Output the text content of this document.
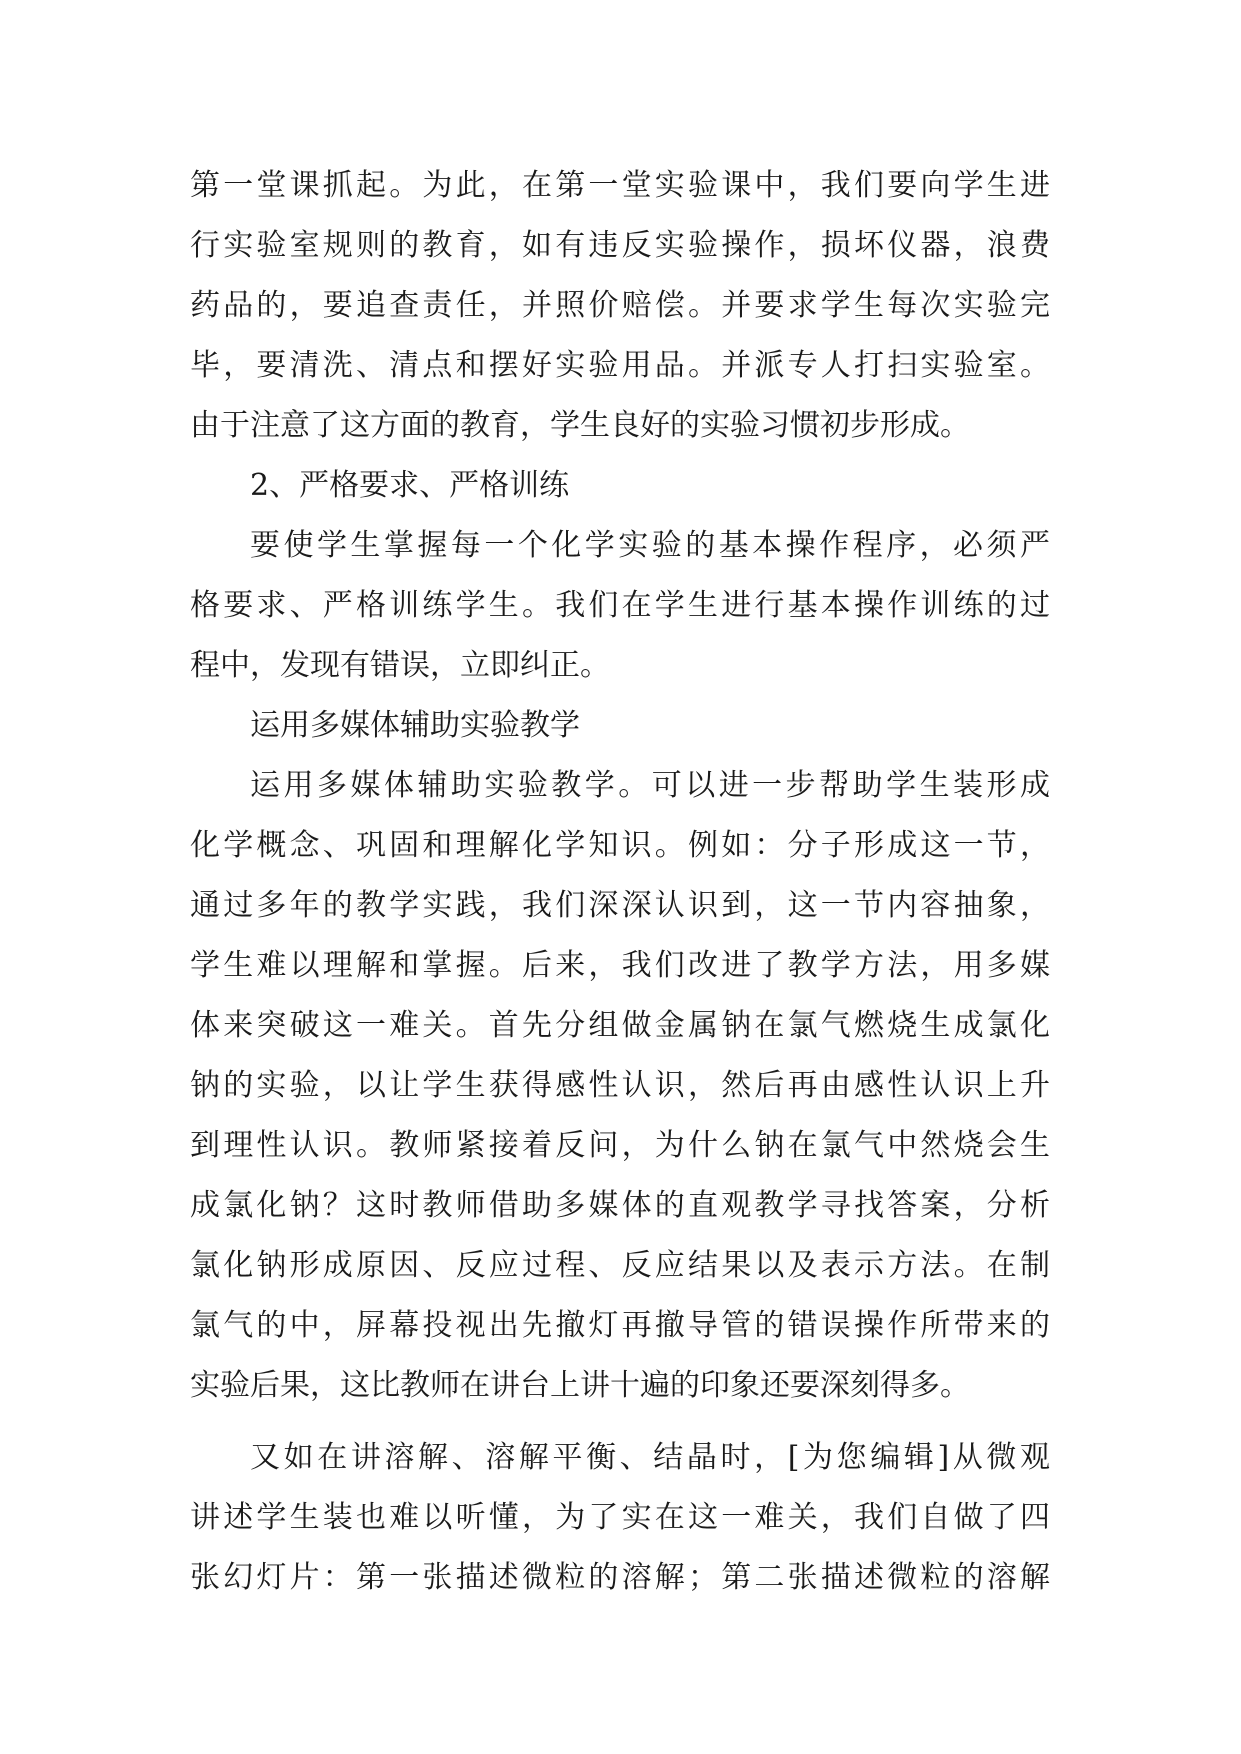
第一堂课抓起。为此，在第一堂实验课中，我们要向学生进
行实验室规则的教育，如有违反实验操作，损坏仪器，浪费
药品的，要追查责任，并照价赔偿。并要求学生每次实验完
毕，要清洗、清点和摆好实验用品。并派专人打扫实验室。
由于注意了这方面的教育，学生良好的实验习惯初步形成。
2、严格要求、严格训练
要使学生掌握每一个化学实验的基本操作程序，必须严
格要求、严格训练学生。我们在学生进行基本操作训练的过
程中，发现有错误，立即纠正。
运用多媒体辅助实验教学
运用多媒体辅助实验教学。可以进一步帮助学生装形成
化学概念、巩固和理解化学知识。例如：分子形成这一节，
通过多年的教学实践，我们深深认识到，这一节内容抽象，
学生难以理解和掌握。后来，我们改进了教学方法，用多媒
体来突破这一难关。首先分组做金属钠在氯气燃烧生成氯化
钠的实验，以让学生获得感性认识，然后再由感性认识上升
到理性认识。教师紧接着反问，为什么钠在氯气中然烧会生
成氯化钠？这时教师借助多媒体的直观教学寻找答案，分析
氯化钠形成原因、反应过程、反应结果以及表示方法。在制
氯气的中，屏幕投视出先撤灯再撤导管的错误操作所带来的
实验后果，这比教师在讲台上讲十遍的印象还要深刻得多。
又如在讲溶解、溶解平衡、结晶时，[为您编辑]从微观
讲述学生装也难以听懂，为了实在这一难关，我们自做了四
张幻灯片：第一张描述微粒的溶解；第二张描述微粒的溶解
